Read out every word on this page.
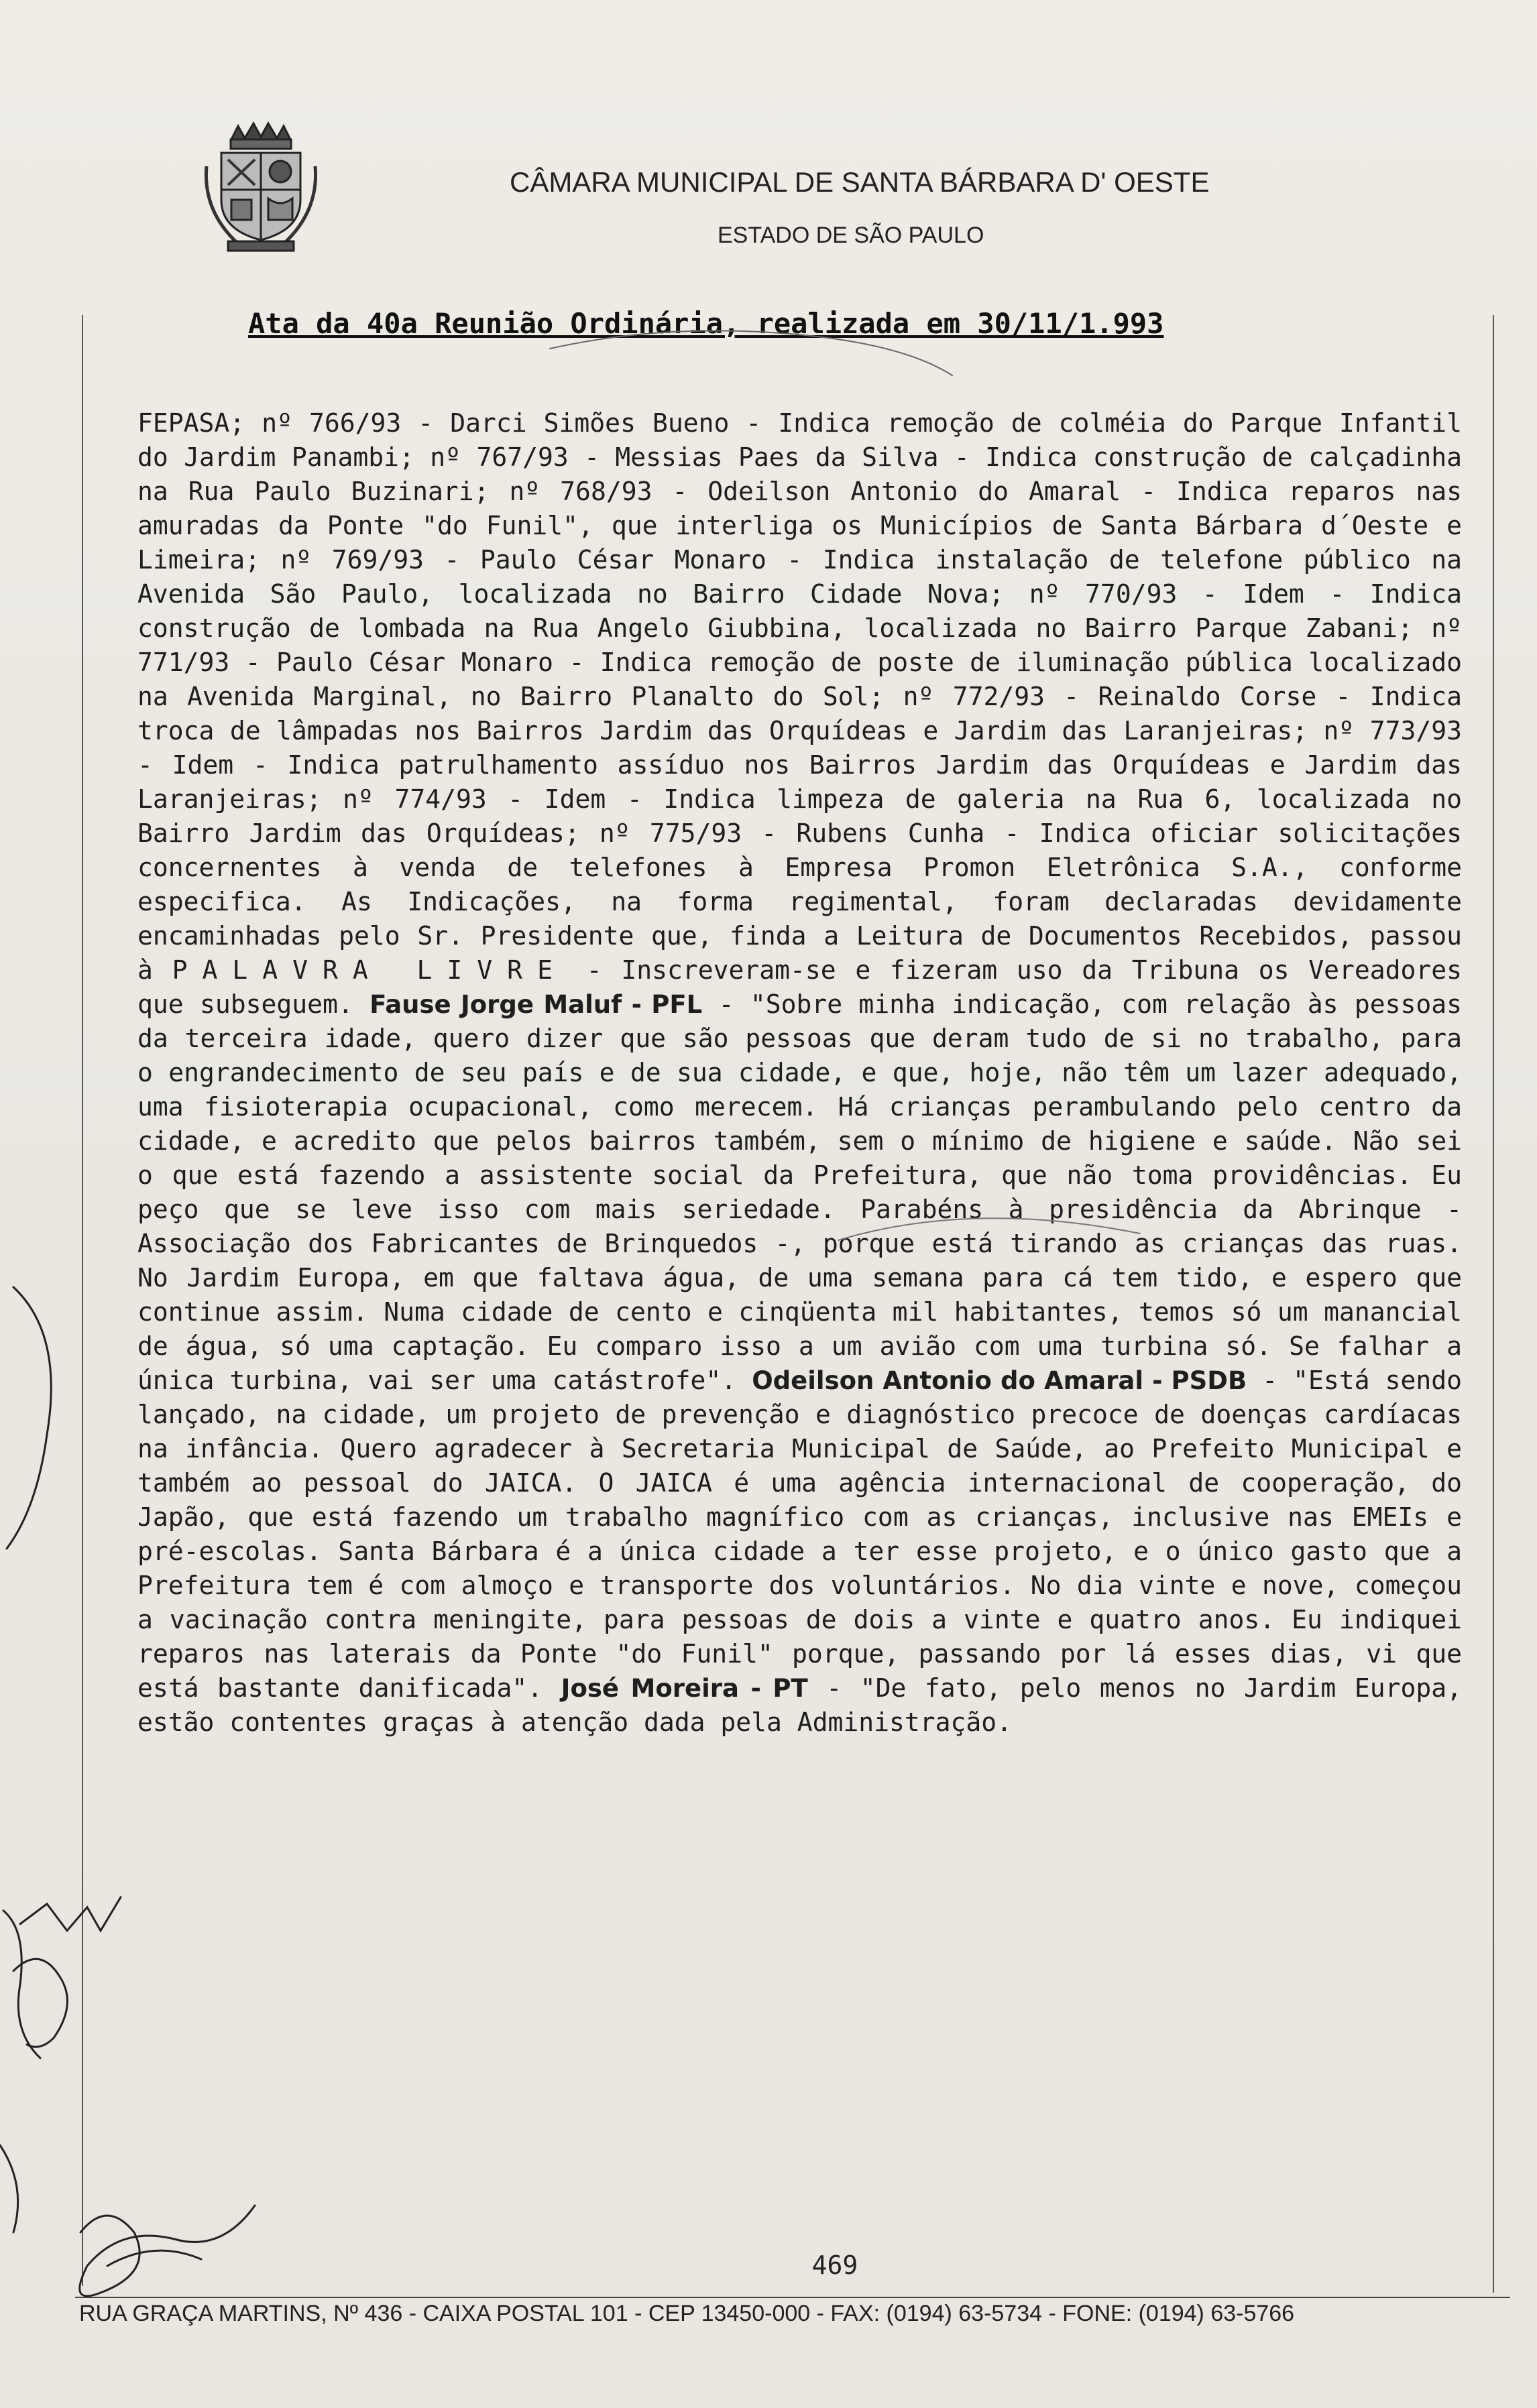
CÂMARA MUNICIPAL DE SANTA BÁRBARA D' OESTE
ESTADO DE SÃO PAULO
Ata da 40a Reunião Ordinária, realizada em 30/11/1.993
FEPASA; nº 766/93 - Darci Simões Bueno - Indica remoção de colméia do Parque Infantil do Jardim Panambi; nº 767/93 - Messias Paes da Silva - Indica construção de calçadinha na Rua Paulo Buzinari; nº 768/93 - Odeilson Antonio do Amaral - Indica reparos nas amuradas da Ponte "do Funil", que interliga os Municípios de Santa Bárbara d´Oeste e Limeira; nº 769/93 - Paulo César Monaro - Indica instalação de telefone público na Avenida São Paulo, localizada no Bairro Cidade Nova; nº 770/93 - Idem - Indica construção de lombada na Rua Angelo Giubbina, localizada no Bairro Parque Zabani; nº 771/93 - Paulo César Monaro - Indica remoção de poste de iluminação pública localizado na Avenida Marginal, no Bairro Planalto do Sol; nº 772/93 - Reinaldo Corse - Indica troca de lâmpadas nos Bairros Jardim das Orquídeas e Jardim das Laranjeiras; nº 773/93 - Idem - Indica patrulhamento assíduo nos Bairros Jardim das Orquídeas e Jardim das Laranjeiras; nº 774/93 - Idem - Indica limpeza de galeria na Rua 6, localizada no Bairro Jardim das Orquídeas; nº 775/93 - Rubens Cunha - Indica oficiar solicitações concernentes à venda de telefones à Empresa Promon Eletrônica S.A., conforme especifica. As Indicações, na forma regimental, foram declaradas devidamente encaminhadas pelo Sr. Presidente que, finda a Leitura de Documentos Recebidos, passou à PALAVRA LIVRE - Inscreveram-se e fizeram uso da Tribuna os Vereadores que subseguem. Fause Jorge Maluf - PFL - "Sobre minha indicação, com relação às pessoas da terceira idade, quero dizer que são pessoas que deram tudo de si no trabalho, para o engrandecimento de seu país e de sua cidade, e que, hoje, não têm um lazer adequado, uma fisioterapia ocupacional, como merecem. Há crianças perambulando pelo centro da cidade, e acredito que pelos bairros também, sem o mínimo de higiene e saúde. Não sei o que está fazendo a assistente social da Prefeitura, que não toma providências. Eu peço que se leve isso com mais seriedade. Parabéns à presidência da Abrinque - Associação dos Fabricantes de Brinquedos -, porque está tirando as crianças das ruas. No Jardim Europa, em que faltava água, de uma semana para cá tem tido, e espero que continue assim. Numa cidade de cento e cinqüenta mil habitantes, temos só um manancial de água, só uma captação. Eu comparo isso a um avião com uma turbina só. Se falhar a única turbina, vai ser uma catástrofe". Odeilson Antonio do Amaral - PSDB - "Está sendo lançado, na cidade, um projeto de prevenção e diagnóstico precoce de doenças cardíacas na infância. Quero agradecer à Secretaria Municipal de Saúde, ao Prefeito Municipal e também ao pessoal do JAICA. O JAICA é uma agência internacional de cooperação, do Japão, que está fazendo um trabalho magnífico com as crianças, inclusive nas EMEIs e pré-escolas. Santa Bárbara é a única cidade a ter esse projeto, e o único gasto que a Prefeitura tem é com almoço e transporte dos voluntários. No dia vinte e nove, começou a vacinação contra meningite, para pessoas de dois a vinte e quatro anos. Eu indiquei reparos nas laterais da Ponte "do Funil" porque, passando por lá esses dias, vi que está bastante danificada". José Moreira - PT - "De fato, pelo menos no Jardim Europa, estão contentes graças à atenção dada pela Administração.
469
RUA GRAÇA MARTINS, Nº 436 - CAIXA POSTAL 101 - CEP 13450-000 - FAX: (0194) 63-5734 - FONE: (0194) 63-5766
